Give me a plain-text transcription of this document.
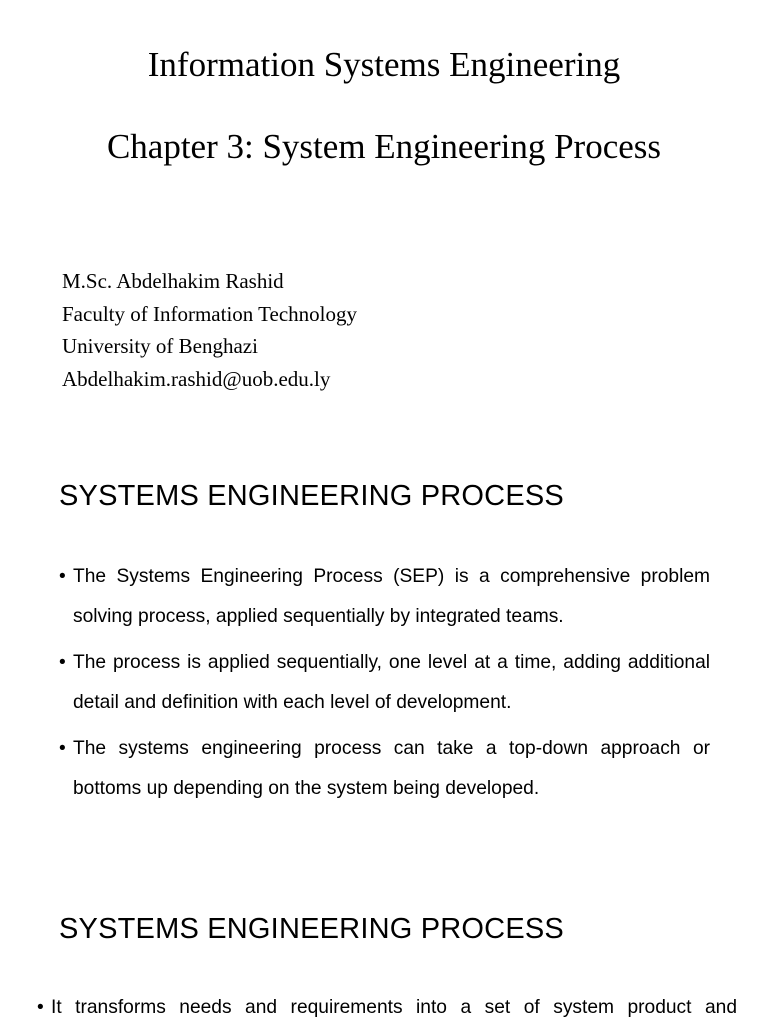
Information Systems Engineering
Chapter 3: System Engineering Process
M.Sc. Abdelhakim Rashid
Faculty of Information Technology
University of Benghazi
Abdelhakim.rashid@uob.edu.ly
SYSTEMS ENGINEERING PROCESS
• The Systems Engineering Process (SEP) is a comprehensive problem solving process, applied sequentially by integrated teams.
• The process is applied sequentially, one level at a time, adding additional detail and definition with each level of development.
• The systems engineering process can take a top-down approach or bottoms up depending on the system being developed.
SYSTEMS ENGINEERING PROCESS
• It transforms needs and requirements into a set of system product and
